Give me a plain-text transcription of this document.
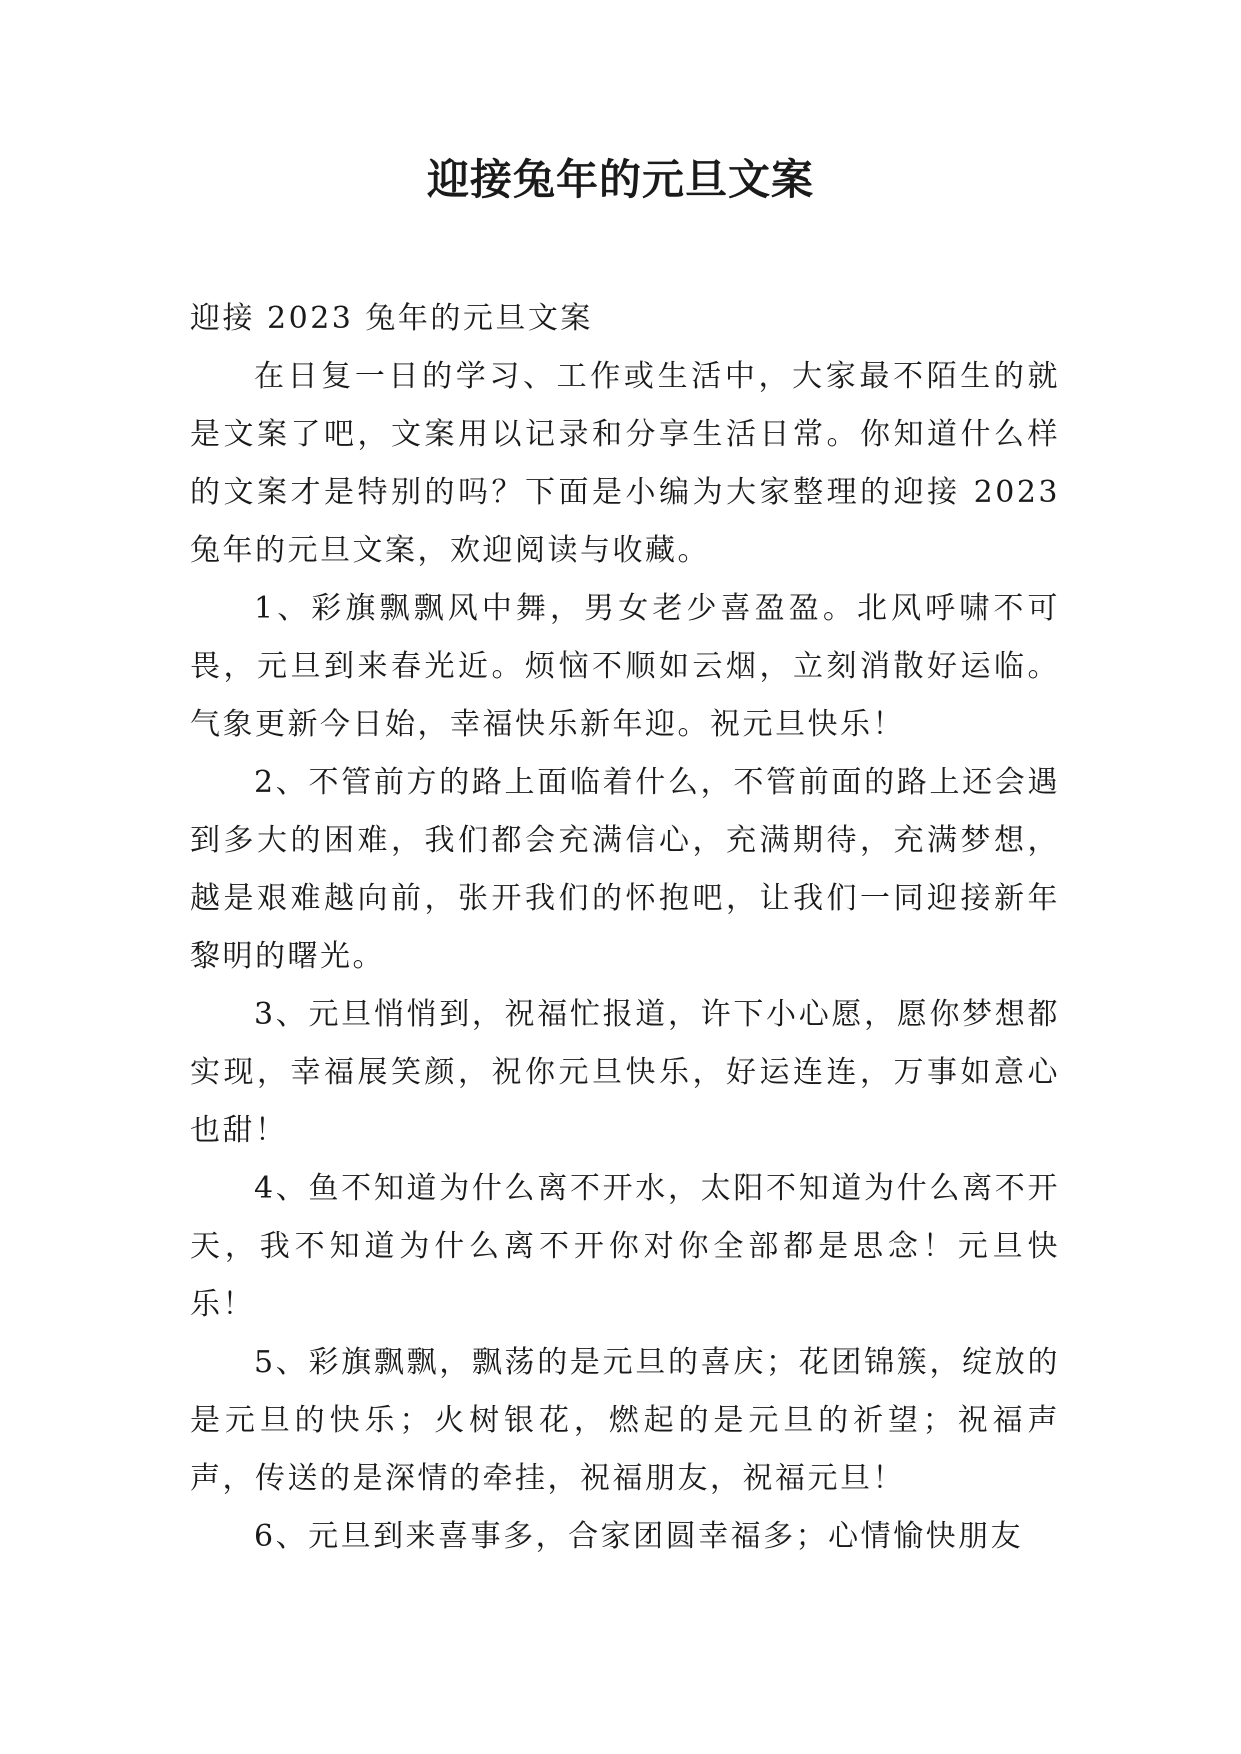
迎接兔年的元旦文案

迎接 2023 兔年的元旦文案

在日复一日的学习、工作或生活中，大家最不陌生的就是文案了吧，文案用以记录和分享生活日常。你知道什么样的文案才是特别的吗？下面是小编为大家整理的迎接 2023 兔年的元旦文案，欢迎阅读与收藏。

1、彩旗飘飘风中舞，男女老少喜盈盈。北风呼啸不可畏，元旦到来春光近。烦恼不顺如云烟，立刻消散好运临。气象更新今日始，幸福快乐新年迎。祝元旦快乐！

2、不管前方的路上面临着什么，不管前面的路上还会遇到多大的困难，我们都会充满信心，充满期待，充满梦想，越是艰难越向前，张开我们的怀抱吧，让我们一同迎接新年黎明的曙光。

3、元旦悄悄到，祝福忙报道，许下小心愿，愿你梦想都实现，幸福展笑颜，祝你元旦快乐，好运连连，万事如意心也甜！

4、鱼不知道为什么离不开水，太阳不知道为什么离不开天，我不知道为什么离不开你对你全部都是思念！元旦快乐！

5、彩旗飘飘，飘荡的是元旦的喜庆；花团锦簇，绽放的是元旦的快乐；火树银花，燃起的是元旦的祈望；祝福声声，传送的是深情的牵挂，祝福朋友，祝福元旦！

6、元旦到来喜事多，合家团圆幸福多；心情愉快朋友
